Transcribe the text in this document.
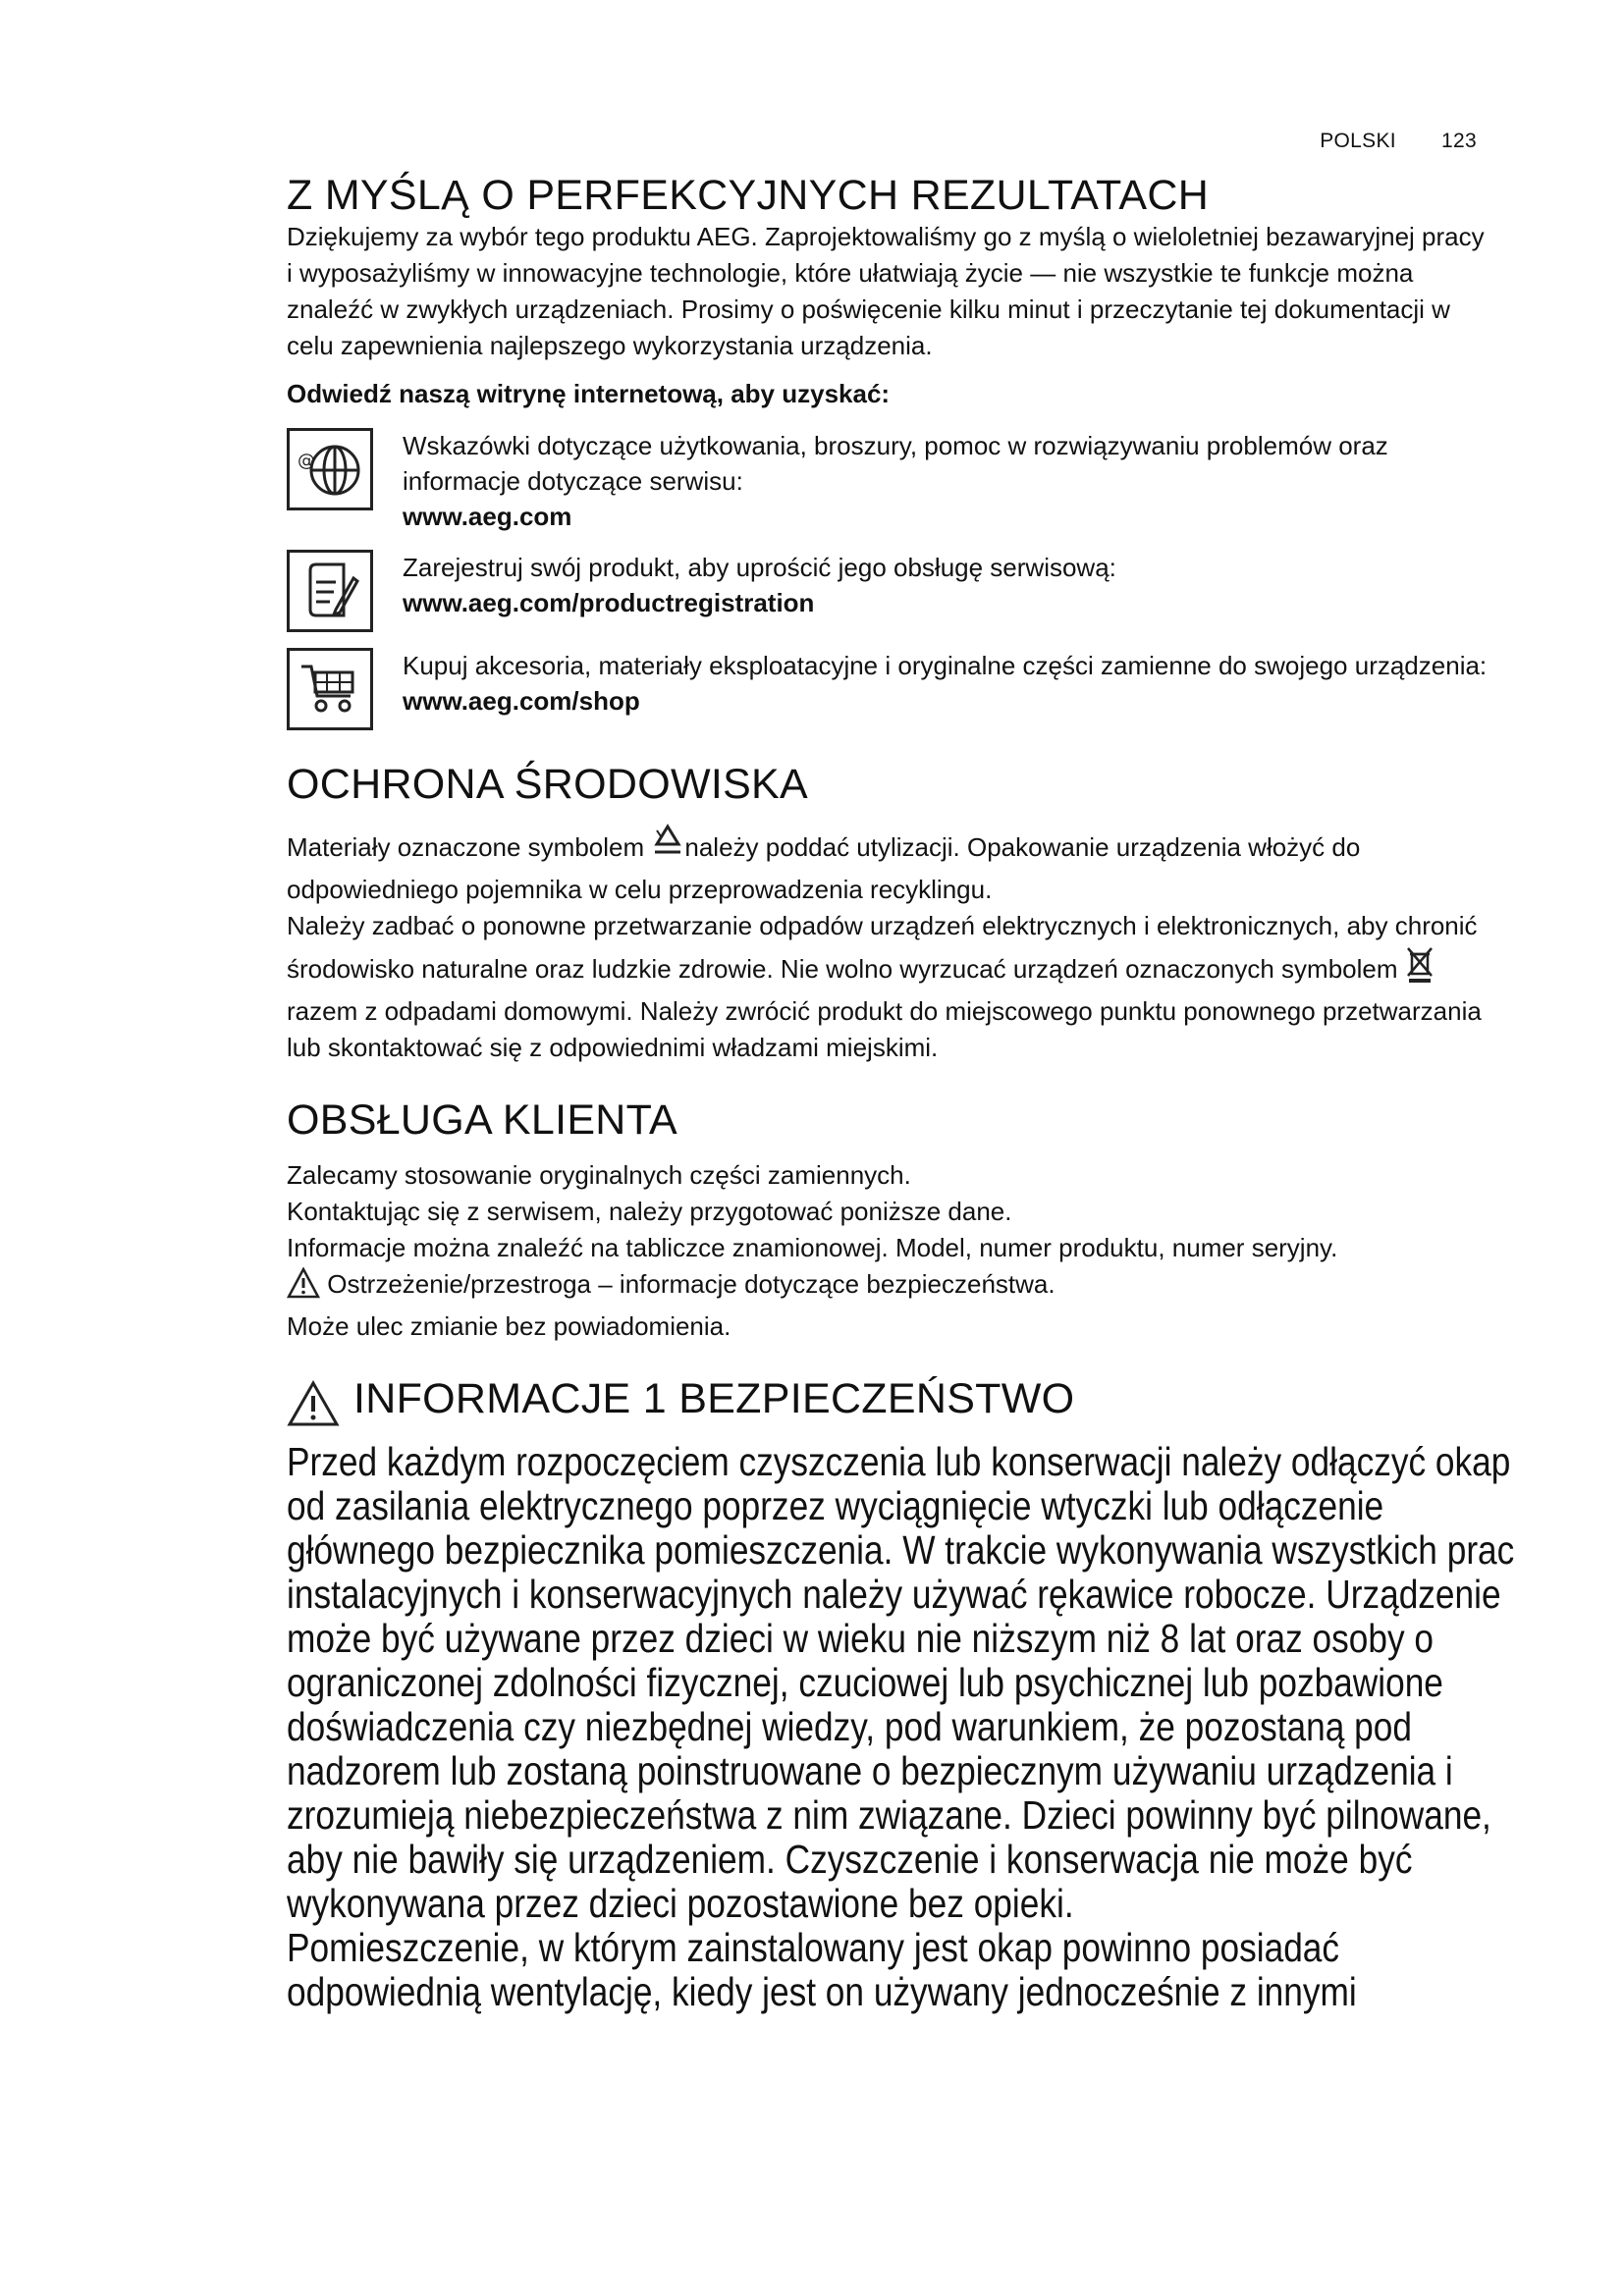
POLSKI 123
Z MYŚLĄ O PERFEKCYJNYCH REZULTATACH

Dziękujemy za wybór tego produktu AEG. Zaprojektowaliśmy go z myślą o wieloletniej bezawaryjnej pracy i wyposażyliśmy w innowacyjne technologie, które ułatwiają życie — nie wszystkie te funkcje można znaleźć w zwykłych urządzeniach. Prosimy o poświęcenie kilku minut i przeczytanie tej dokumentacji w celu zapewnienia najlepszego wykorzystania urządzenia.

Odwiedź naszą witrynę internetową, aby uzyskać:

@

Wskazówki dotyczące użytkowania, broszury, pomoc w rozwiązywaniu problemów oraz informacje dotyczące serwisu:

www.aeg.com

Zarejestruj swój produkt, aby uprościć jego obsługę serwisową:

www.aeg.com/productregistration

Kupuj akcesoria, materiały eksploatacyjne i oryginalne części zamienne do swojego urządzenia:

www.aeg.com/shop

OCHRONA ŚRODOWISKA

Materiały oznaczone symbolem należy poddać utylizacji. Opakowanie urządzenia włożyć do odpowiedniego pojemnika w celu przeprowadzenia recyklingu.

Należy zadbać o ponowne przetwarzanie odpadów urządzeń elektrycznych i elektronicznych, aby chronić środowisko naturalne oraz ludzkie zdrowie. Nie wolno wyrzucać urządzeń oznaczonych symbolem razem z odpadami domowymi. Należy zwrócić produkt do miejscowego punktu ponownego przetwarzania lub skontaktować się z odpowiednimi władzami miejskimi.

OBSŁUGA KLIENTA

Zalecamy stosowanie oryginalnych części zamiennych.

Kontaktując się z serwisem, należy przygotować poniższe dane.

Informacje można znaleźć na tabliczce znamionowej. Model, numer produktu, numer seryjny.

Ostrzeżenie/przestroga – informacje dotyczące bezpieczeństwa.

Może ulec zmianie bez powiadomienia.

INFORMACJE 1 BEZPIECZEŃSTWO

Przed każdym rozpoczęciem czyszczenia lub konserwacji należy odłączyć okap od zasilania elektrycznego poprzez wyciągnięcie wtyczki lub odłączenie głównego bezpiecznika pomieszczenia. W trakcie wykonywania wszystkich prac instalacyjnych i konserwacyjnych należy używać rękawice robocze. Urządzenie może być używane przez dzieci w wieku nie niższym niż 8 lat oraz osoby o ograniczonej zdolności fizycznej, czuciowej lub psychicznej lub pozbawione doświadczenia czy niezbędnej wiedzy, pod warunkiem, że pozostaną pod nadzorem lub zostaną poinstruowane o bezpiecznym używaniu urządzenia i zrozumieją niebezpieczeństwa z nim związane. Dzieci powinny być pilnowane, aby nie bawiły się urządzeniem. Czyszczenie i konserwacja nie może być wykonywana przez dzieci pozostawione bez opieki.

Pomieszczenie, w którym zainstalowany jest okap powinno posiadać odpowiednią wentylację, kiedy jest on używany jednocześnie z innymi
